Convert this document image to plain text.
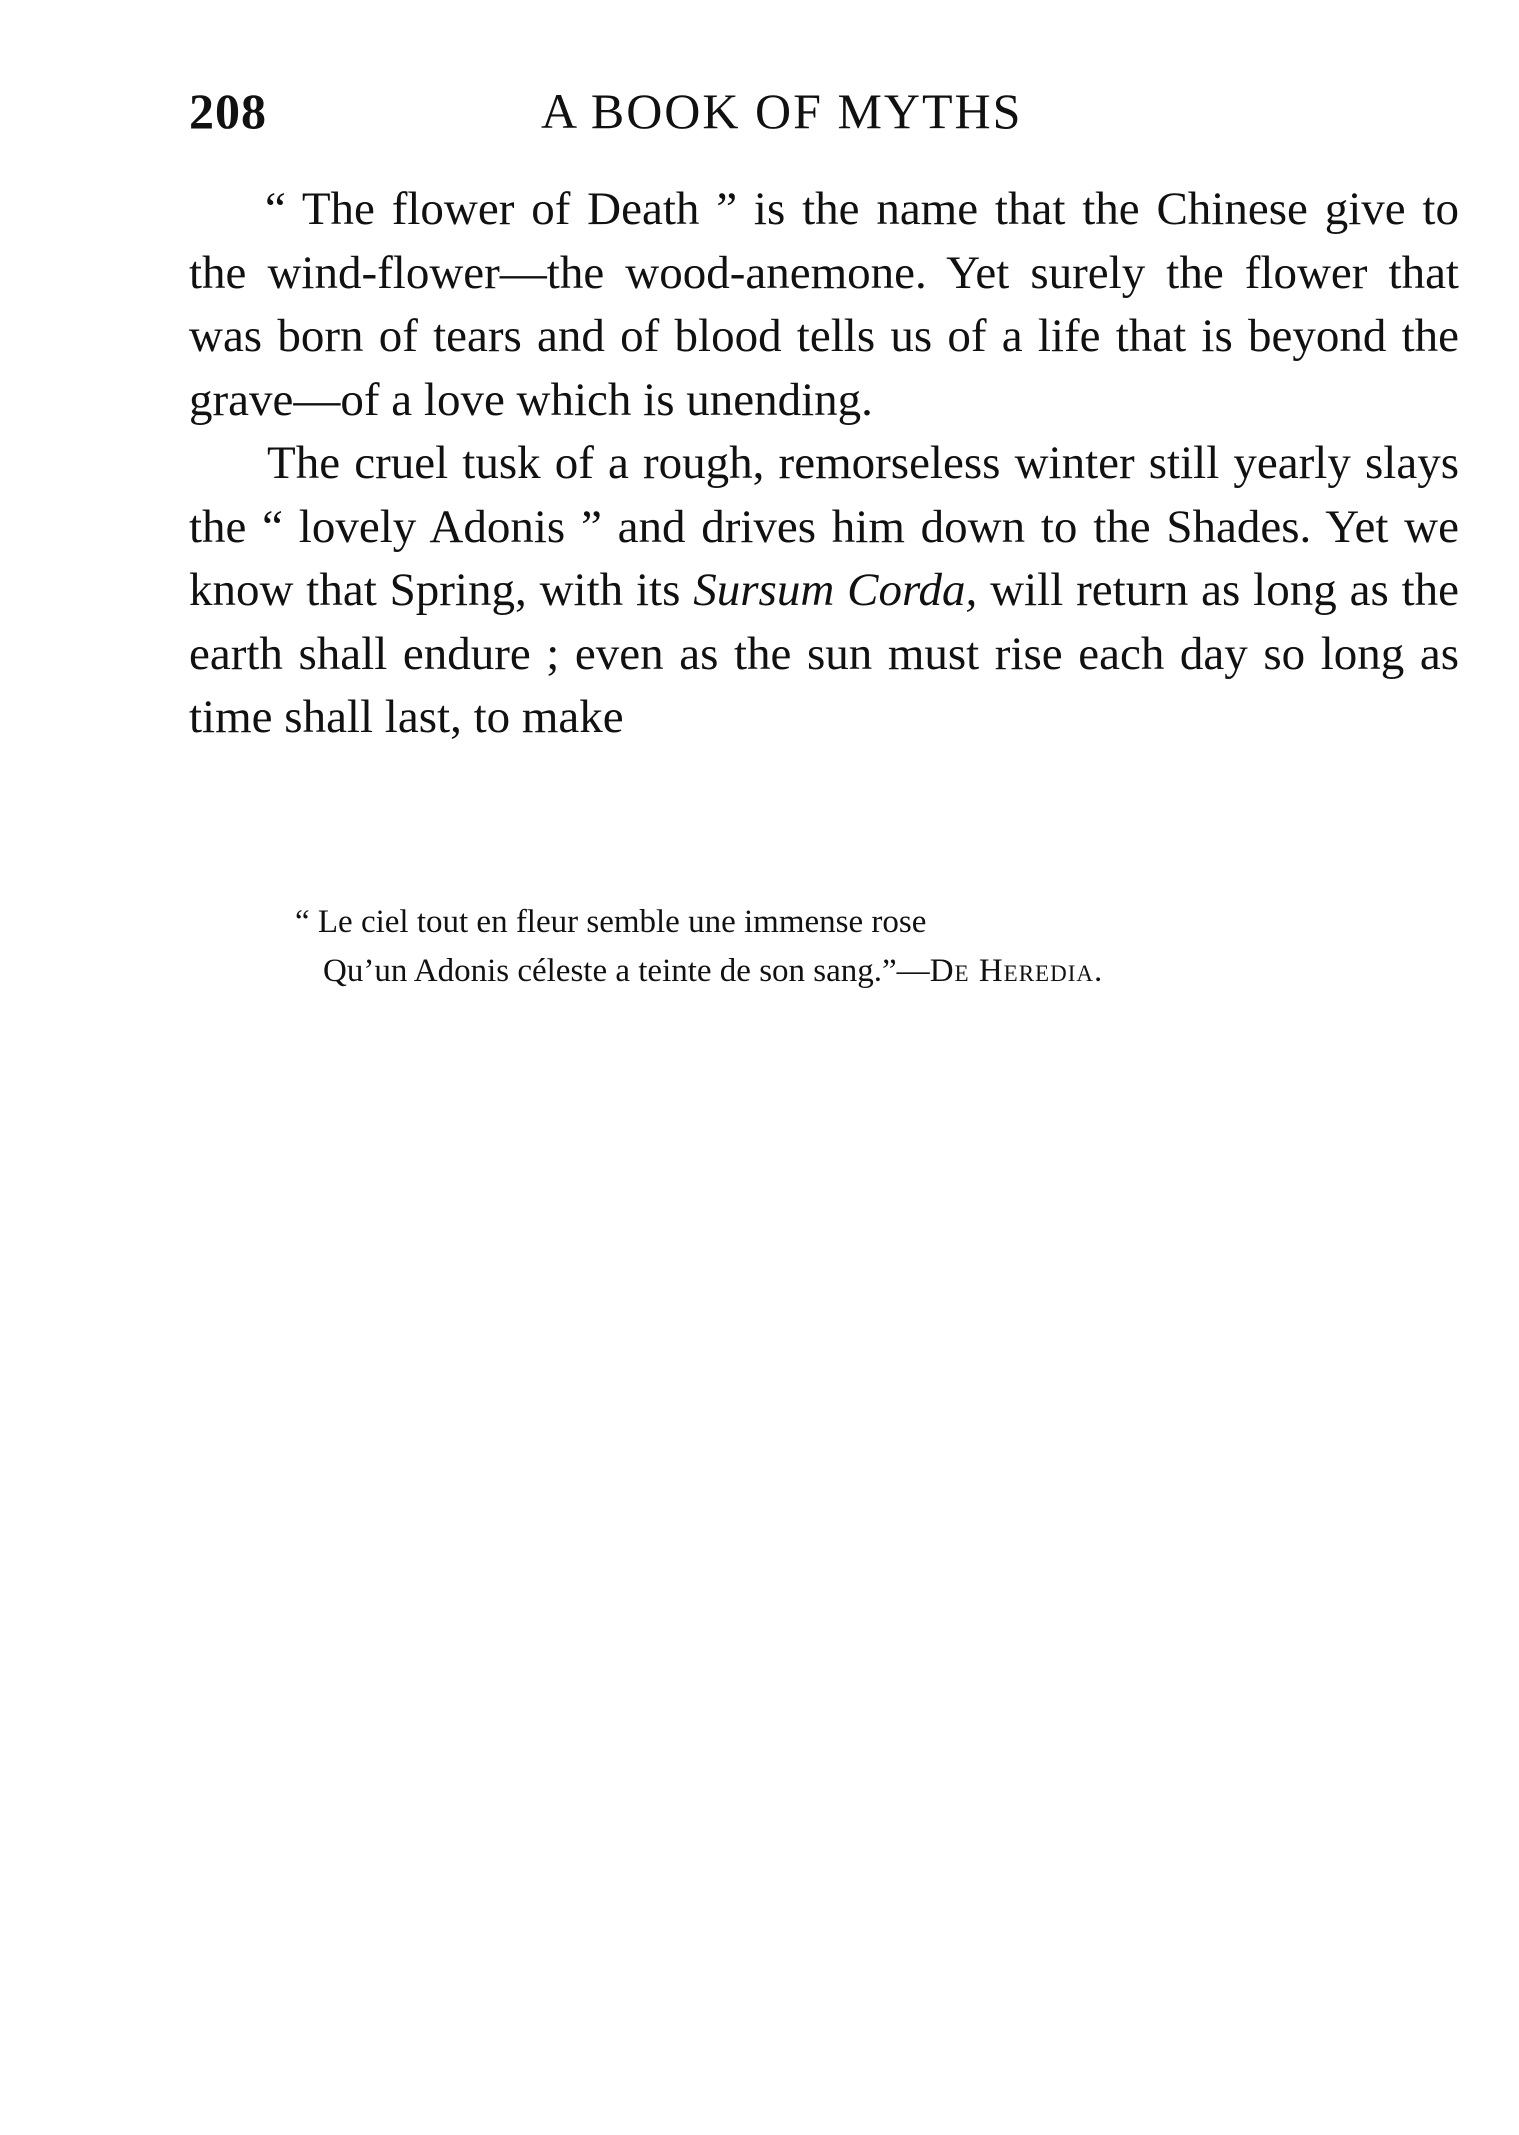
208	A BOOK OF MYTHS

“ The flower of Death ” is the name that the Chinese give to the wind-flower—the wood-anemone. Yet surely the flower that was born of tears and of blood tells us of a life that is beyond the grave—of a love which is unending.

The cruel tusk of a rough, remorseless winter still yearly slays the “ lovely Adonis ” and drives him down to the Shades. Yet we know that Spring, with its Sursum Corda, will return as long as the earth shall endure ; even as the sun must rise each day so long as time shall last, to make

“ Le ciel tout en fleur semble une immense rose
Qu’un Adonis céleste a teinte de son sang.”—De Heredia.
